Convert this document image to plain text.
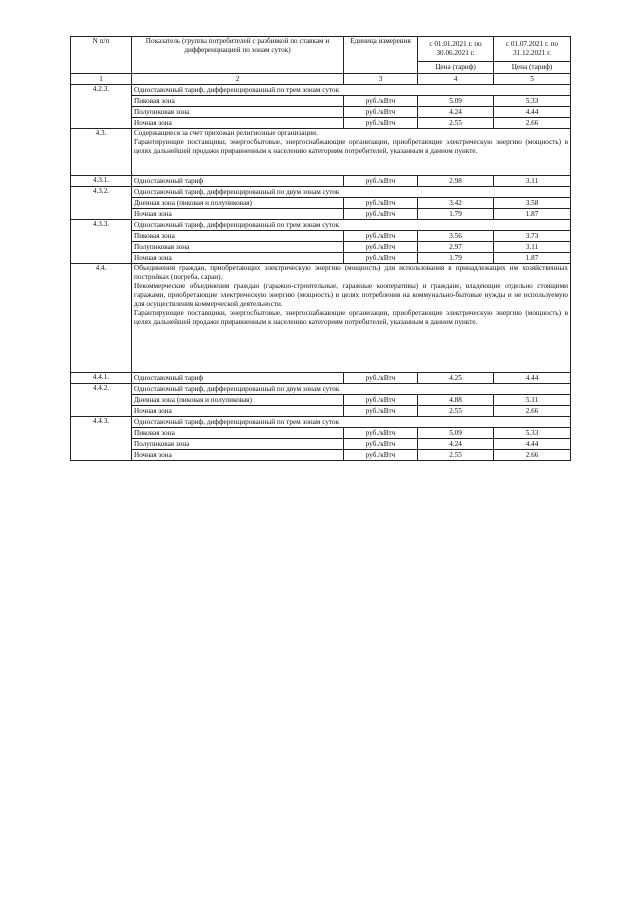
N п/п	Показатель (группы потребителей с разбивкой по ставкам и дифференциацией по зонам суток)	Единица измерения	с 01.01.2021 г. по 30.06.2021 г.	с 01.07.2021 г. по 31.12.2021 г.
			Цена (тариф)	Цена (тариф)
1	2	3	4	5
4.2.3.	Одноставочный тариф, дифференцированный по трем зонам суток			
	Пиковая зона	руб./кВтч	5.09	5.33
	Полупиковая зона	руб./кВтч	4.24	4.44
	Ночная зона	руб./кВтч	2.55	2.66
4.3.	Содержащиеся за счет прихожан религиозные организации.
Гарантирующие поставщики, энергосбытовые, энергоснабжающие организации, приобретающие электрическую энергию (мощность) в целях дальнейшей продажи приравненным к населению категориям потребителей, указанным в данном пункте.			

4.3.1.	Одноставочный тариф	руб./кВтч	2.98	3.11
4.3.2.	Одноставочный тариф, дифференцированный по двум зонам суток			
	Дневная зона (пиковая и полупиковая)	руб./кВтч	3.42	3.58
	Ночная зона	руб./кВтч	1.79	1.87
4.3.3.	Одноставочный тариф, дифференцированный по трем зонам суток			
	Пиковая зона	руб./кВтч	3.56	3.73
	Полупиковая зона	руб./кВтч	2.97	3.11
	Ночная зона	руб./кВтч	1.79	1.87
4.4.	Объединения граждан, приобретающих электрическую энергию (мощность) для использования в принадлежащих им хозяйственных постройках (погреба, сараи).
Некоммерческие объединения граждан (гаражно-строительные, гаражные кооперативы) и граждане, владеющие отдельно стоящими гаражами, приобретающие электрическую энергию (мощность) в целях потребления на коммунально-бытовые нужды и не используемую для осуществления коммерческой деятельности.
Гарантирующие поставщики, энергосбытовые, энергоснабжающие организации, приобретающие электрическую энергию (мощность) в целях дальнейшей продажи приравненным к населению категориям потребителей, указанным в данном пункте.			

4.4.1.	Одноставочный тариф	руб./кВтч	4.25	4.44
4.4.2.	Одноставочный тариф, дифференцированный по двум зонам суток			
	Дневная зона (пиковая и полупиковая)	руб./кВтч	4.88	5.11
	Ночная зона	руб./кВтч	2.55	2.66
4.4.3.	Одноставочный тариф, дифференцированный по трем зонам суток			
	Пиковая зона	руб./кВтч	5.09	5.33
	Полупиковая зона	руб./кВтч	4.24	4.44
	Ночная зона	руб./кВтч	2.55	2.66
